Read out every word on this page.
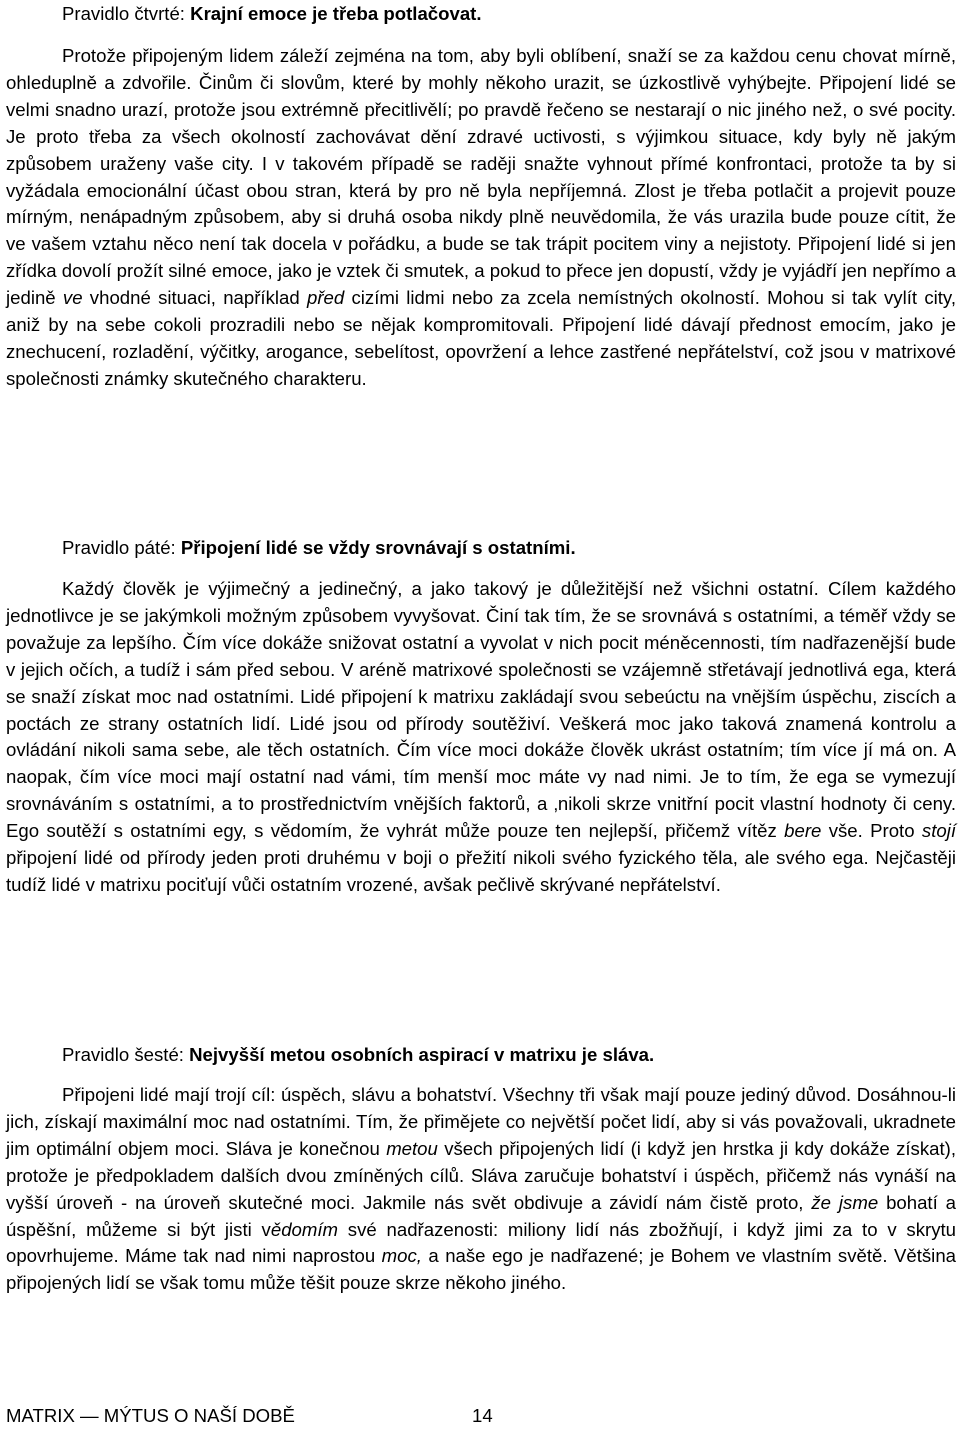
Pravidlo čtvrté: Krajní emoce je třeba potlačovat.

Protože připojeným lidem záleží zejména na tom, aby byli oblíbení, snaží se za každou cenu chovat mírně, ohleduplně a zdvořile. Činům či slovům, které by mohly někoho urazit, se úzkostlivě vyhýbejte. Připojení lidé se velmi snadno urazí, protože jsou extrémně přecitlivělí; po pravdě řečeno se nestarají o nic jiného než, o své pocity. Je proto třeba za všech okolností zachovávat dění zdravé uctivosti, s výjimkou situace, kdy byly ně jakým způsobem uraženy vaše city. I v takovém případě se raději snažte vyhnout přímé konfrontaci, protože ta by si vyžádala emocionální účast obou stran, která by pro ně byla nepříjemná. Zlost je třeba potlačit a projevit pouze mírným, nenápadným způsobem, aby si druhá osoba nikdy plně neuvědomila, že vás urazila bude pouze cítit, že ve vašem vztahu něco není tak docela v pořádku, a bude se tak trápit pocitem viny a nejistoty. Připojení lidé si jen zřídka dovolí prožít silné emoce, jako je vztek či smutek, a pokud to přece jen dopustí, vždy je vyjádří jen nepřímo a jedině ve vhodné situaci, například před cizími lidmi nebo za zcela nemístných okolností. Mohou si tak vylít city, aniž by na sebe cokoli prozradili nebo se nějak kompromitovali. Připojení lidé dávají přednost emocím, jako je znechucení, rozladění, výčitky, arogance, sebelítost, opovržení a lehce zastřené nepřátelství, což jsou v matrixové společnosti známky skutečného charakteru.

Pravidlo páté: Připojení lidé se vždy srovnávají s ostatními.

Každý člověk je výjimečný a jedinečný, a jako takový je důležitější než všichni ostatní. Cílem každého jednotlivce je se jakýmkoli možným způsobem vyvyšovat. Činí tak tím, že se srovnává s ostatními, a téměř vždy se považuje za lepšího. Čím více dokáže snižovat ostatní a vyvolat v nich pocit méněcennosti, tím nadřazenější bude v jejich očích, a tudíž i sám před sebou. V aréně matrixové společnosti se vzájemně střetávají jednotlivá ega, která se snaží získat moc nad ostatními. Lidé připojení k matrixu zakládají svou sebeúctu na vnějším úspěchu, ziscích a poctách ze strany ostatních lidí. Lidé jsou od přírody soutěživí. Veškerá moc jako taková znamená kontrolu a ovládání nikoli sama sebe, ale těch ostatních. Čím více moci dokáže člověk ukrást ostatním; tím více jí má on. A naopak, čím více moci mají ostatní nad vámi, tím menší moc máte vy nad nimi. Je to tím, že ega se vymezují srovnáváním s ostatními, a to prostřednictvím vnějších faktorů, a ‚nikoli skrze vnitřní pocit vlastní hodnoty či ceny. Ego soutěží s ostatními egy, s vědomím, že vyhrát může pouze ten nejlepší, přičemž vítěz bere vše. Proto stojí připojení lidé od přírody jeden proti druhému v boji o přežití nikoli svého fyzického těla, ale svého ega. Nejčastěji tudíž lidé v matrixu pociťují vůči ostatním vrozené, avšak pečlivě skrývané nepřátelství.

Pravidlo šesté: Nejvyšší metou osobních aspirací v matrixu je sláva.

Připojeni lidé mají trojí cíl: úspěch, slávu a bohatství. Všechny tři však mají pouze jediný důvod. Dosáhnou-li jich, získají maximální moc nad ostatními. Tím, že přimějete co největší počet lidí, aby si vás považovali, ukradnete jim optimální objem moci. Sláva je konečnou metou všech připojených lidí (i když jen hrstka ji kdy dokáže získat), protože je předpokladem dalších dvou zmíněných cílů. Sláva zaručuje bohatství i úspěch, přičemž nás vynáší na vyšší úroveň - na úroveň skutečné moci. Jakmile nás svět obdivuje a závidí nám čistě proto, že jsme bohatí a úspěšní, můžeme si být jisti vědomím své nadřazenosti: miliony lidí nás zbožňují, i když jimi za to v skrytu opovrhujeme. Máme tak nad nimi naprostou moc, a naše ego je nadřazené; je Bohem ve vlastním světě. Většina připojených lidí se však tomu může těšit pouze skrze někoho jiného.

MATRIX — MÝTUS O NAŠÍ DOBĚ	14
